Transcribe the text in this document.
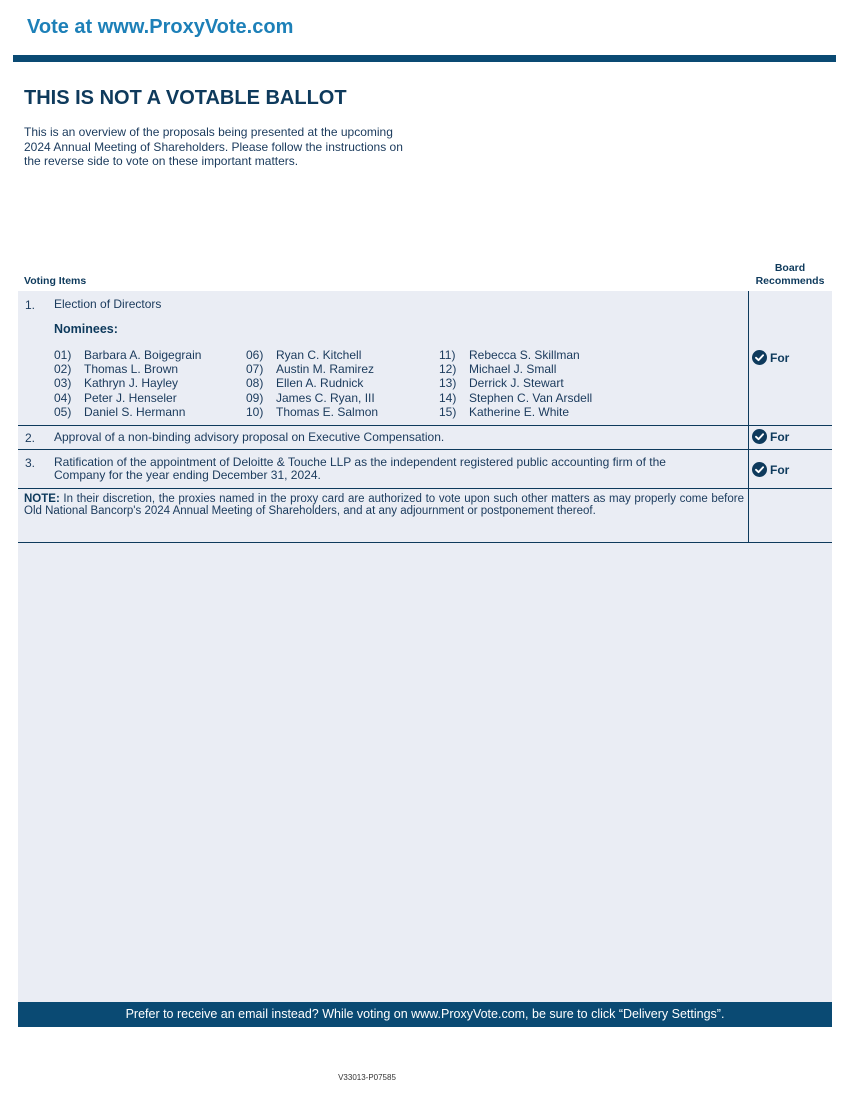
Vote at www.ProxyVote.com
THIS IS NOT A VOTABLE BALLOT
This is an overview of the proposals being presented at the upcoming 2024 Annual Meeting of Shareholders. Please follow the instructions on the reverse side to vote on these important matters.
Voting Items
Board
Recommends
1. Election of Directors
Nominees:
01) Barbara A. Boigegrain
02) Thomas L. Brown
03) Kathryn J. Hayley
04) Peter J. Henseler
05) Daniel S. Hermann
06) Ryan C. Kitchell
07) Austin M. Ramirez
08) Ellen A. Rudnick
09) James C. Ryan, III
10) Thomas E. Salmon
11) Rebecca S. Skillman
12) Michael J. Small
13) Derrick J. Stewart
14) Stephen C. Van Arsdell
15) Katherine E. White
For
2. Approval of a non-binding advisory proposal on Executive Compensation.	For
3. Ratification of the appointment of Deloitte & Touche LLP as the independent registered public accounting firm of the
Company for the year ending December 31, 2024.	For
NOTE: In their discretion, the proxies named in the proxy card are authorized to vote upon such other matters as may properly come before Old National Bancorp's 2024 Annual Meeting of Shareholders, and at any adjournment or postponement thereof.
Prefer to receive an email instead? While voting on www.ProxyVote.com, be sure to click “Delivery Settings”.
V33013-P07585
